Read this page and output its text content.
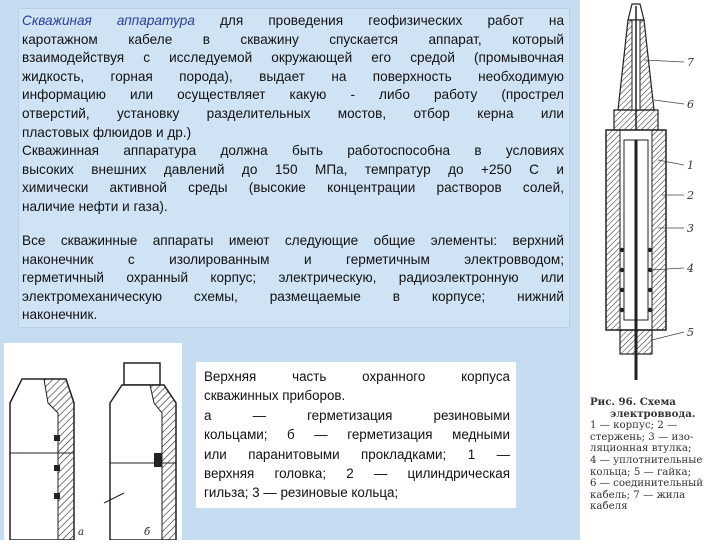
Скважиная аппаратура для проведения геофизических работ на
каротажном кабеле в скважину спускается аппарат, который
взаимодействуя с исследуемой окружающей его средой (промывочная
жидкость, горная порода), выдает на поверхность необходимую
информацию или осуществляет какую - либо работу (прострел
отверстий, установку разделительных мостов, отбор керна или
пластовых флюидов и др.)
Скважинная аппаратура должна быть работоспособна в условиях
высоких внешних давлений до 150 МПа, темпратур до +250 С и
химически активной среды (высокие концентрации растворов солей,
наличие нефти и газа).

Все скважинные аппараты имеют следующие общие элементы: верхний
наконечник с изолированным и герметичным электровводом;
герметичный охранный корпус; электрическую, радиоэлектронную или
электромеханическую схемы, размещаемые в корпусе; нижний
наконечник.

а	б

Верхняя часть охранного корпуса
скважинных приборов.
а — герметизация резиновыми
кольцами; б — герметизация медными
или паранитовыми прокладками; 1 —
верхняя головка; 2 — цилиндрическая
гильза; 3 — резиновые кольца;

7
6
1
2
3
4
5

Рис. 96. Схема
электроввода.
1 — корпус; 2 —
стержень; 3 — изо-
ляционная втулка;
4 — уплотнительные
кольца; 5 — гайка;
6 — соединительный
кабель; 7 — жила
кабеля
